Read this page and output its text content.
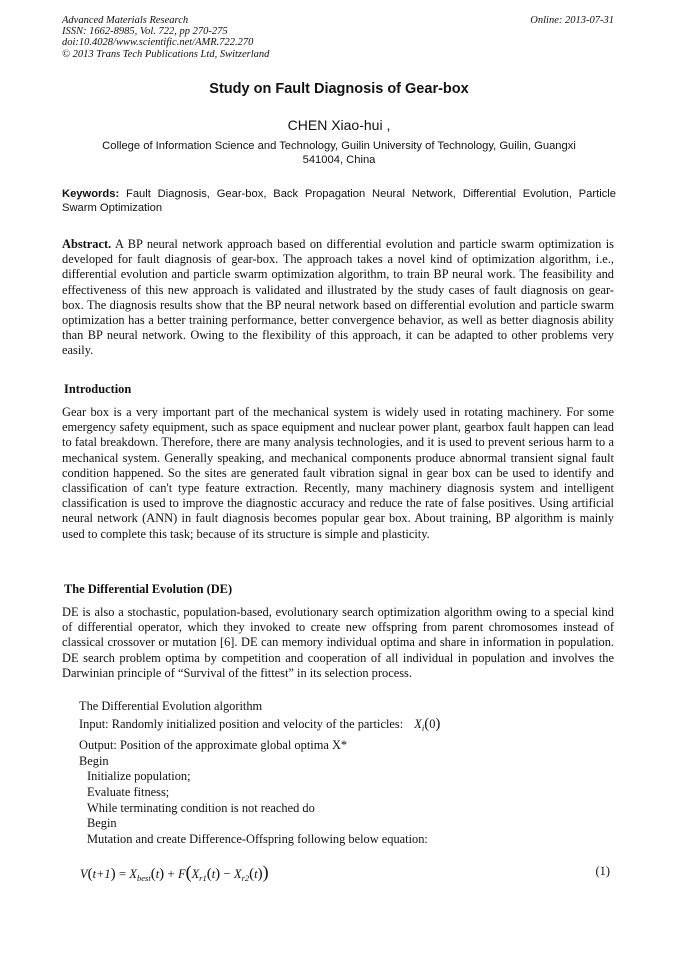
Advanced Materials Research
ISSN: 1662-8985, Vol. 722, pp 270-275
doi:10.4028/www.scientific.net/AMR.722.270
© 2013 Trans Tech Publications Ltd, Switzerland
Online: 2013-07-31
Study on Fault Diagnosis of Gear-box
CHEN Xiao-hui ,
College of Information Science and Technology, Guilin University of Technology, Guilin, Guangxi
541004, China
Keywords: Fault Diagnosis, Gear-box, Back Propagation Neural Network, Differential Evolution, Particle Swarm Optimization
Abstract. A BP neural network approach based on differential evolution and particle swarm optimization is developed for fault diagnosis of gear-box. The approach takes a novel kind of optimization algorithm, i.e., differential evolution and particle swarm optimization algorithm, to train BP neural work. The feasibility and effectiveness of this new approach is validated and illustrated by the study cases of fault diagnosis on gear-box. The diagnosis results show that the BP neural network based on differential evolution and particle swarm optimization has a better training performance, better convergence behavior, as well as better diagnosis ability than BP neural network. Owing to the flexibility of this approach, it can be adapted to other problems very easily.
Introduction
Gear box is a very important part of the mechanical system is widely used in rotating machinery. For some emergency safety equipment, such as space equipment and nuclear power plant, gearbox fault happen can lead to fatal breakdown. Therefore, there are many analysis technologies, and it is used to prevent serious harm to a mechanical system. Generally speaking, and mechanical components produce abnormal transient signal fault condition happened. So the sites are generated fault vibration signal in gear box can be used to identify and classification of can't type feature extraction. Recently, many machinery diagnosis system and intelligent classification is used to improve the diagnostic accuracy and reduce the rate of false positives. Using artificial neural network (ANN) in fault diagnosis becomes popular gear box. About training, BP algorithm is mainly used to complete this task; because of its structure is simple and plasticity.
The Differential Evolution (DE)
DE is also a stochastic, population-based, evolutionary search optimization algorithm owing to a special kind of differential operator, which they invoked to create new offspring from parent chromosomes instead of classical crossover or mutation [6]. DE can memory individual optima and share in information in population. DE search problem optima by competition and cooperation of all individual in population and involves the Darwinian principle of “Survival of the fittest” in its selection process.
The Differential Evolution algorithm
Input: Randomly initialized position and velocity of the particles: $X_i(0)$
Output: Position of the approximate global optima X*
Begin
Initialize population;
Evaluate fitness;
While terminating condition is not reached do
Begin
Mutation and create Difference-Offspring following below equation:
$V(t+1) = X_{best}(t) + F(X_{r1}(t) - X_{r2}(t))$	(1)
